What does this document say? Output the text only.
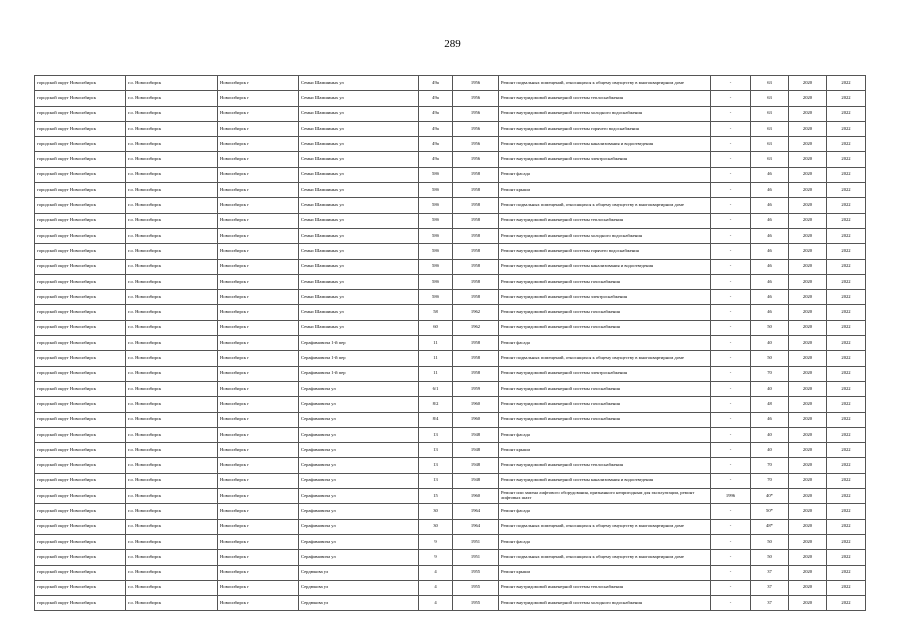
289
городской округ Новосибирск	г.о. Новосибирск	Новосибирск г	Семьи Шамшиных ул	49а	1956	Ремонт подвальных помещений, относящихся к общему имуществу в многоквартирном доме	-	63	2020	2022
городской округ Новосибирск	г.о. Новосибирск	Новосибирск г	Семьи Шамшиных ул	49а	1956	Ремонт внутридомовой инженерной системы теплоснабжения	-	63	2020	2022
городской округ Новосибирск	г.о. Новосибирск	Новосибирск г	Семьи Шамшиных ул	49а	1956	Ремонт внутридомовой инженерной системы холодного водоснабжения	-	63	2020	2022
городской округ Новосибирск	г.о. Новосибирск	Новосибирск г	Семьи Шамшиных ул	49а	1956	Ремонт внутридомовой инженерной системы горячего водоснабжения	-	63	2020	2022
городской округ Новосибирск	г.о. Новосибирск	Новосибирск г	Семьи Шамшиных ул	49а	1956	Ремонт внутридомовой инженерной системы канализования и водоотведения	-	63	2020	2022
городской округ Новосибирск	г.о. Новосибирск	Новосибирск г	Семьи Шамшиных ул	49а	1956	Ремонт внутридомовой инженерной системы электроснабжения	-	63	2020	2022
городской округ Новосибирск	г.о. Новосибирск	Новосибирск г	Семьи Шамшиных ул	58б	1958	Ремонт фасада	-	46	2020	2022
городской округ Новосибирск	г.о. Новосибирск	Новосибирск г	Семьи Шамшиных ул	58б	1958	Ремонт крыши	-	46	2020	2022
городской округ Новосибирск	г.о. Новосибирск	Новосибирск г	Семьи Шамшиных ул	58б	1958	Ремонт подвальных помещений, относящихся к общему имуществу в многоквартирном доме	-	46	2020	2022
городской округ Новосибирск	г.о. Новосибирск	Новосибирск г	Семьи Шамшиных ул	58б	1958	Ремонт внутридомовой инженерной системы теплоснабжения	-	46	2020	2022
городской округ Новосибирск	г.о. Новосибирск	Новосибирск г	Семьи Шамшиных ул	58б	1958	Ремонт внутридомовой инженерной системы холодного водоснабжения	-	46	2020	2022
городской округ Новосибирск	г.о. Новосибирск	Новосибирск г	Семьи Шамшиных ул	58б	1958	Ремонт внутридомовой инженерной системы горячего водоснабжения	-	46	2020	2022
городской округ Новосибирск	г.о. Новосибирск	Новосибирск г	Семьи Шамшиных ул	58б	1958	Ремонт внутридомовой инженерной системы канализования и водоотведения	-	46	2020	2022
городской округ Новосибирск	г.о. Новосибирск	Новосибирск г	Семьи Шамшиных ул	58б	1958	Ремонт внутридомовой инженерной системы газоснабжения	-	46	2020	2022
городской округ Новосибирск	г.о. Новосибирск	Новосибирск г	Семьи Шамшиных ул	58б	1958	Ремонт внутридомовой инженерной системы электроснабжения	-	46	2020	2022
городской округ Новосибирск	г.о. Новосибирск	Новосибирск г	Семьи Шамшиных ул	58	1962	Ремонт внутридомовой инженерной системы газоснабжения	-	46	2020	2022
городской округ Новосибирск	г.о. Новосибирск	Новосибирск г	Семьи Шамшиных ул	60	1962	Ремонт внутридомовой инженерной системы газоснабжения	-	50	2020	2022
городской округ Новосибирск	г.о. Новосибирск	Новосибирск г	Серафимовича 1-й пер	11	1958	Ремонт фасада	-	40	2020	2022
городской округ Новосибирск	г.о. Новосибирск	Новосибирск г	Серафимовича 1-й пер	11	1958	Ремонт подвальных помещений, относящихся к общему имуществу в многоквартирном доме	-	50	2020	2022
городской округ Новосибирск	г.о. Новосибирск	Новосибирск г	Серафимовича 1-й пер	11	1958	Ремонт внутридомовой инженерной системы электроснабжения	-	70	2020	2022
городской округ Новосибирск	г.о. Новосибирск	Новосибирск г	Серафимовича ул	6/1	1959	Ремонт внутридомовой инженерной системы газоснабжения	-	40	2020	2022
городской округ Новосибирск	г.о. Новосибирск	Новосибирск г	Серафимовича ул	8/2	1960	Ремонт внутридомовой инженерной системы газоснабжения	-	48	2020	2022
городской округ Новосибирск	г.о. Новосибирск	Новосибирск г	Серафимовича ул	8/4	1960	Ремонт внутридомовой инженерной системы газоснабжения	-	46	2020	2022
городской округ Новосибирск	г.о. Новосибирск	Новосибирск г	Серафимовича ул	13	1948	Ремонт фасада	-	40	2020	2022
городской округ Новосибирск	г.о. Новосибирск	Новосибирск г	Серафимовича ул	13	1948	Ремонт крыши	-	40	2020	2022
городской округ Новосибирск	г.о. Новосибирск	Новосибирск г	Серафимовича ул	13	1948	Ремонт внутридомовой инженерной системы теплоснабжения	-	70	2020	2022
городской округ Новосибирск	г.о. Новосибирск	Новосибирск г	Серафимовича ул	13	1948	Ремонт внутридомовой инженерной системы канализования и водоотведения	-	70	2020	2022
городской округ Новосибирск	г.о. Новосибирск	Новосибирск г	Серафимовича ул	15	1960	Ремонт или замена лифтового оборудования, признанного непригодным для эксплуатации, ремонт лифтовых шахт	1996	40*	2020	2022
городской округ Новосибирск	г.о. Новосибирск	Новосибирск г	Серафимовича ул	30	1964	Ремонт фасада	-	50*	2020	2022
городской округ Новосибирск	г.о. Новосибирск	Новосибирск г	Серафимовича ул	30	1964	Ремонт подвальных помещений, относящихся к общему имуществу в многоквартирном доме	-	48*	2020	2022
городской округ Новосибирск	г.о. Новосибирск	Новосибирск г	Серафимовича ул	9	1951	Ремонт фасада	-	50	2020	2022
городской округ Новосибирск	г.о. Новосибирск	Новосибирск г	Серафимовича ул	9	1951	Ремонт подвальных помещений, относящихся к общему имуществу в многоквартирном доме	-	50	2020	2022
городской округ Новосибирск	г.о. Новосибирск	Новосибирск г	Сердюкова ул	4	1955	Ремонт крыши	-	37	2020	2022
городской округ Новосибирск	г.о. Новосибирск	Новосибирск г	Сердюкова ул	4	1955	Ремонт внутридомовой инженерной системы теплоснабжения	-	37	2020	2022
городской округ Новосибирск	г.о. Новосибирск	Новосибирск г	Сердюкова ул	4	1955	Ремонт внутридомовой инженерной системы холодного водоснабжения	-	37	2020	2022
